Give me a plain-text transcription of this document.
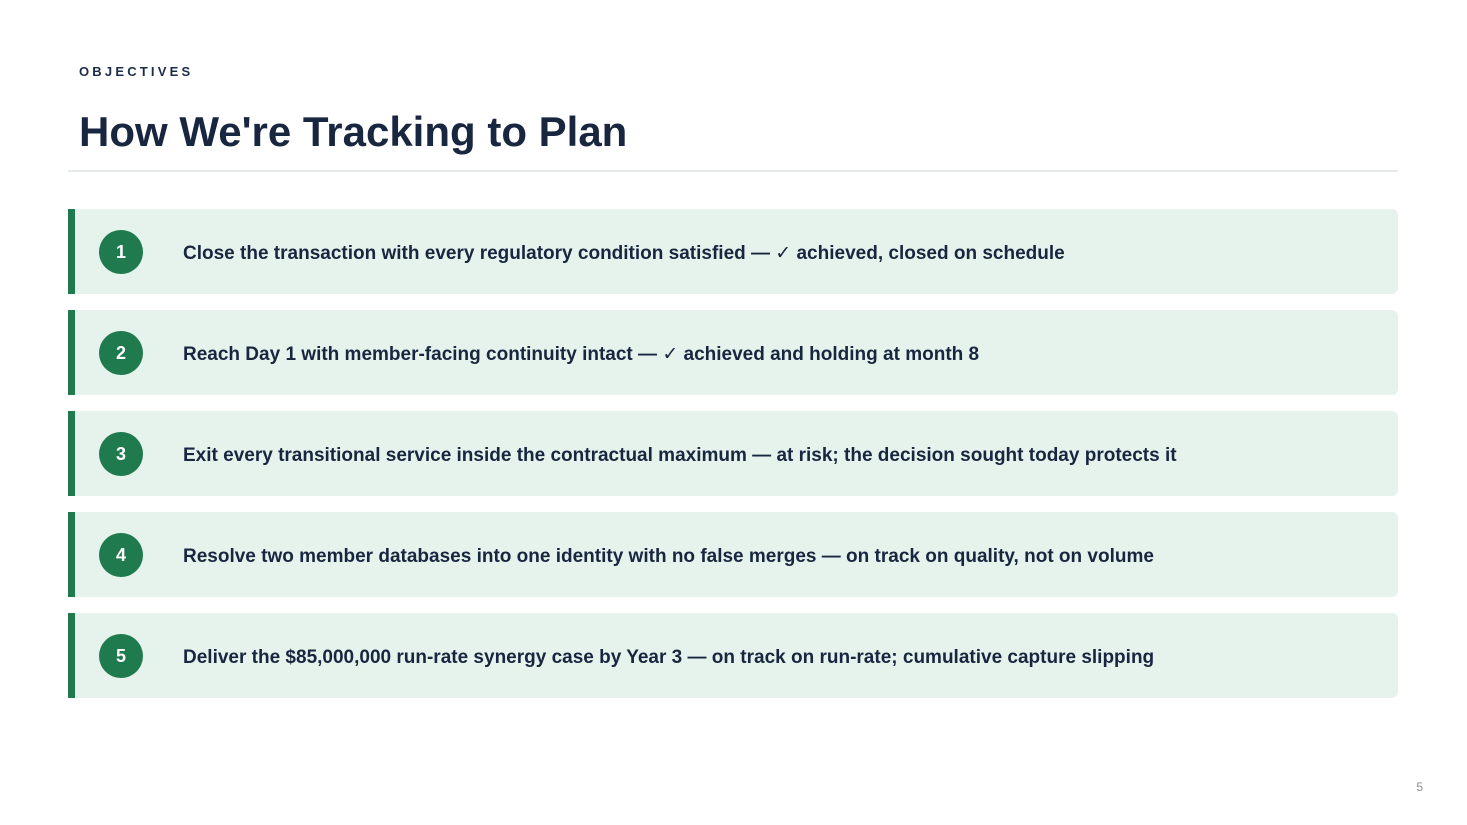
OBJECTIVES
How We're Tracking to Plan
1	Close the transaction with every regulatory condition satisfied — ✓ achieved, closed on schedule
2	Reach Day 1 with member-facing continuity intact — ✓ achieved and holding at month 8
3	Exit every transitional service inside the contractual maximum — at risk; the decision sought today protects it
4	Resolve two member databases into one identity with no false merges — on track on quality, not on volume
5	Deliver the $85,000,000 run-rate synergy case by Year 3 — on track on run-rate; cumulative capture slipping
5
